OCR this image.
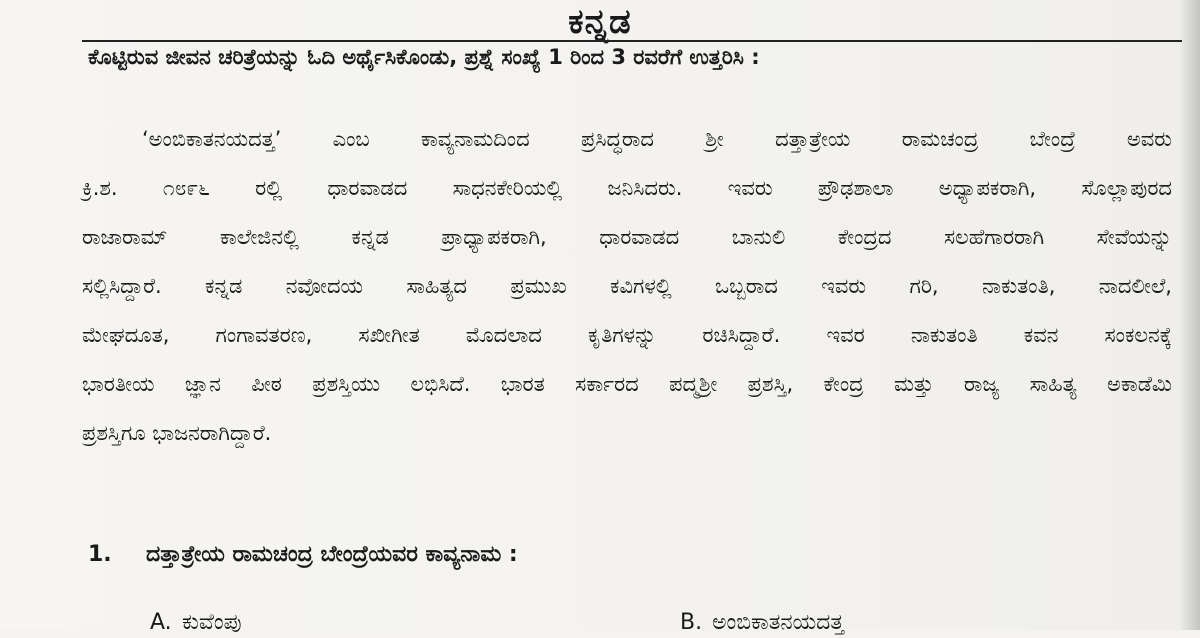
ಕನ್ನಡ
ಕೊಟ್ಟಿರುವ ಜೀವನ ಚರಿತ್ರೆಯನ್ನು ಓದಿ ಅರ್ಥೈಸಿಕೊಂಡು, ಪ್ರಶ್ನೆ ಸಂಖ್ಯೆ 1 ರಿಂದ 3 ರವರೆಗೆ ಉತ್ತರಿಸಿ :
‘ಅಂಬಿಕಾತನಯದತ್ತ’ ಎಂಬ ಕಾವ್ಯನಾಮದಿಂದ ಪ್ರಸಿದ್ಧರಾದ ಶ್ರೀ ದತ್ತಾತ್ರೇಯ ರಾಮಚಂದ್ರ ಬೇಂದ್ರೆ ಅವರು
ಕ್ರಿ.ಶ. ೧೮೯೬ ರಲ್ಲಿ ಧಾರವಾಡದ ಸಾಧನಕೇರಿಯಲ್ಲಿ ಜನಿಸಿದರು. ಇವರು ಪ್ರೌಢಶಾಲಾ ಅಧ್ಯಾಪಕರಾಗಿ, ಸೊಲ್ಲಾಪುರದ
ರಾಜಾರಾಮ್ ಕಾಲೇಜಿನಲ್ಲಿ ಕನ್ನಡ ಪ್ರಾಧ್ಯಾಪಕರಾಗಿ, ಧಾರವಾಡದ ಬಾನುಲಿ ಕೇಂದ್ರದ ಸಲಹೆಗಾರರಾಗಿ ಸೇವೆಯನ್ನು
ಸಲ್ಲಿಸಿದ್ದಾರೆ. ಕನ್ನಡ ನವೋದಯ ಸಾಹಿತ್ಯದ ಪ್ರಮುಖ ಕವಿಗಳಲ್ಲಿ ಒಬ್ಬರಾದ ಇವರು ಗರಿ, ನಾಕುತಂತಿ, ನಾದಲೀಲೆ,
ಮೇಘದೂತ, ಗಂಗಾವತರಣ, ಸಖೀಗೀತ ಮೊದಲಾದ ಕೃತಿಗಳನ್ನು ರಚಿಸಿದ್ದಾರೆ. ಇವರ ನಾಕುತಂತಿ ಕವನ ಸಂಕಲನಕ್ಕೆ
ಭಾರತೀಯ ಜ್ಞಾನ ಪೀಠ ಪ್ರಶಸ್ತಿಯು ಲಭಿಸಿದೆ. ಭಾರತ ಸರ್ಕಾರದ ಪದ್ಮಶ್ರೀ ಪ್ರಶಸ್ತಿ, ಕೇಂದ್ರ ಮತ್ತು ರಾಜ್ಯ ಸಾಹಿತ್ಯ ಅಕಾಡೆಮಿ
ಪ್ರಶಸ್ತಿಗೂ ಭಾಜನರಾಗಿದ್ದಾರೆ.
1. ದತ್ತಾತ್ರೇಯ ರಾಮಚಂದ್ರ ಬೇಂದ್ರೆಯವರ ಕಾವ್ಯನಾಮ :
A. ಕುವೆಂಪು	B. ಅಂಬಿಕಾತನಯದತ್ತ
